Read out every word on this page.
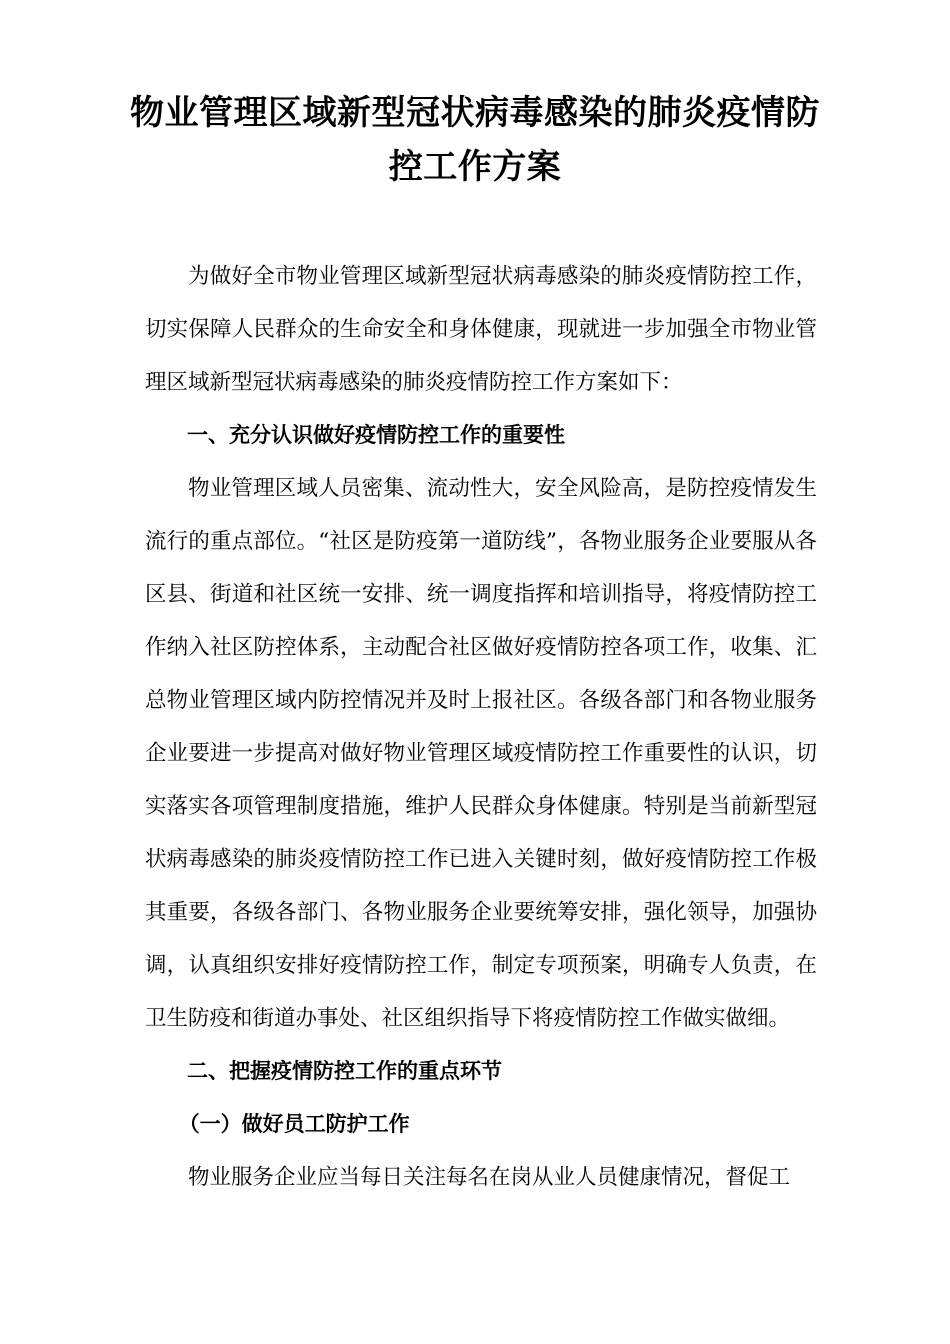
物业管理区域新型冠状病毒感染的肺炎疫情防控工作方案

为做好全市物业管理区域新型冠状病毒感染的肺炎疫情防控工作，切实保障人民群众的生命安全和身体健康，现就进一步加强全市物业管理区域新型冠状病毒感染的肺炎疫情防控工作方案如下：

一、充分认识做好疫情防控工作的重要性

物业管理区域人员密集、流动性大，安全风险高，是防控疫情发生流行的重点部位。“社区是防疫第一道防线”，各物业服务企业要服从各区县、街道和社区统一安排、统一调度指挥和培训指导，将疫情防控工作纳入社区防控体系，主动配合社区做好疫情防控各项工作，收集、汇总物业管理区域内防控情况并及时上报社区。各级各部门和各物业服务企业要进一步提高对做好物业管理区域疫情防控工作重要性的认识，切实落实各项管理制度措施，维护人民群众身体健康。特别是当前新型冠状病毒感染的肺炎疫情防控工作已进入关键时刻，做好疫情防控工作极其重要，各级各部门、各物业服务企业要统筹安排，强化领导，加强协调，认真组织安排好疫情防控工作，制定专项预案，明确专人负责，在卫生防疫和街道办事处、社区组织指导下将疫情防控工作做实做细。

二、把握疫情防控工作的重点环节

（一）做好员工防护工作

物业服务企业应当每日关注每名在岗从业人员健康情况，督促工
